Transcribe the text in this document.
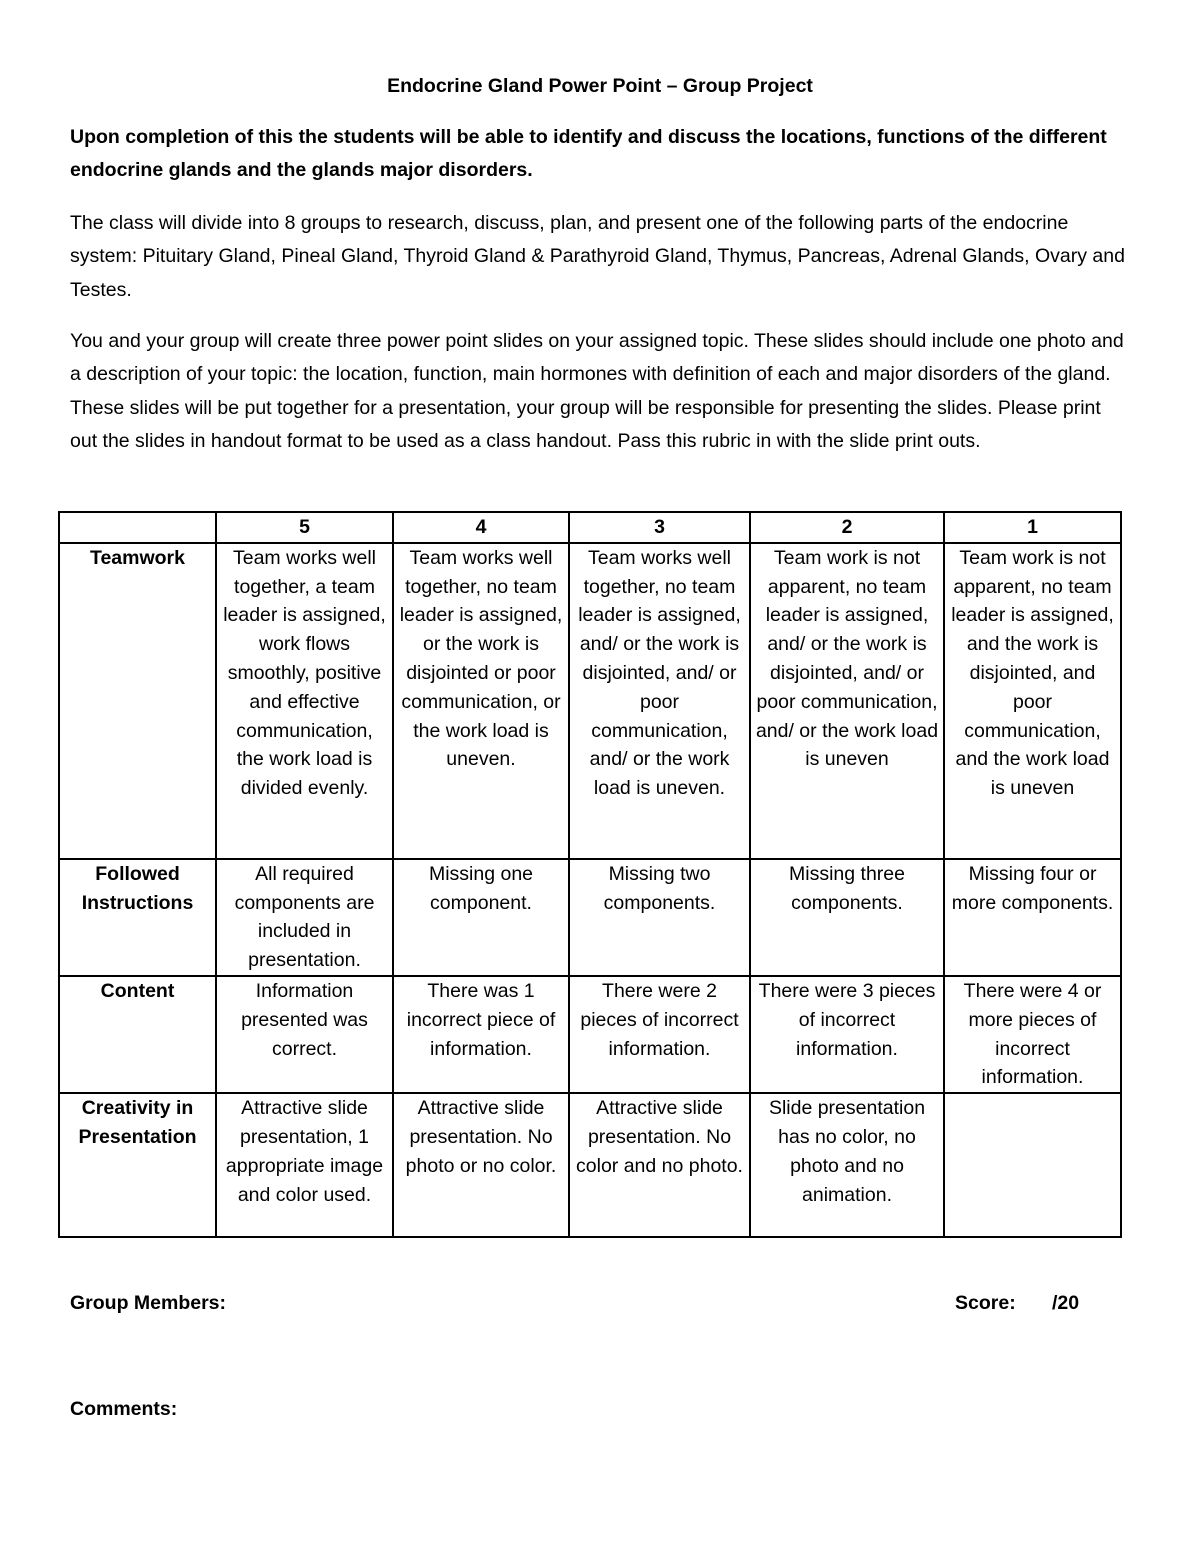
Endocrine Gland Power Point – Group Project

Upon completion of this the students will be able to identify and discuss the locations, functions of the different endocrine glands and the glands major disorders.

The class will divide into 8 groups to research, discuss, plan, and present one of the following parts of the endocrine system: Pituitary Gland, Pineal Gland, Thyroid Gland & Parathyroid Gland, Thymus, Pancreas, Adrenal Glands, Ovary and Testes.

You and your group will create three power point slides on your assigned topic. These slides should include one photo and a description of your topic: the location, function, main hormones with definition of each and major disorders of the gland. These slides will be put together for a presentation, your group will be responsible for presenting the slides. Please print out the slides in handout format to be used as a class handout. Pass this rubric in with the slide print outs.

	5	4	3	2	1
Teamwork	Team works well together, a team leader is assigned, work flows smoothly, positive and effective communication, the work load is divided evenly.	Team works well together, no team leader is assigned, or the work is disjointed or poor communication, or the work load is uneven.	Team works well together, no team leader is assigned, and/ or the work is disjointed, and/ or poor communication, and/ or the work load is uneven.	Team work is not apparent, no team leader is assigned, and/ or the work is disjointed, and/ or poor communication, and/ or the work load is uneven	Team work is not apparent, no team leader is assigned, and the work is disjointed, and poor communication, and the work load is uneven
Followed Instructions	All required components are included in presentation.	Missing one component.	Missing two components.	Missing three components.	Missing four or more components.
Content	Information presented was correct.	There was 1 incorrect piece of information.	There were 2 pieces of incorrect information.	There were 3 pieces of incorrect information.	There were 4 or more pieces of incorrect information.
Creativity in Presentation	Attractive slide presentation, 1 appropriate image and color used.	Attractive slide presentation. No photo or no color.	Attractive slide presentation. No color and no photo.	Slide presentation has no color, no photo and no animation.	
Group Members:	Score: /20
Comments:
